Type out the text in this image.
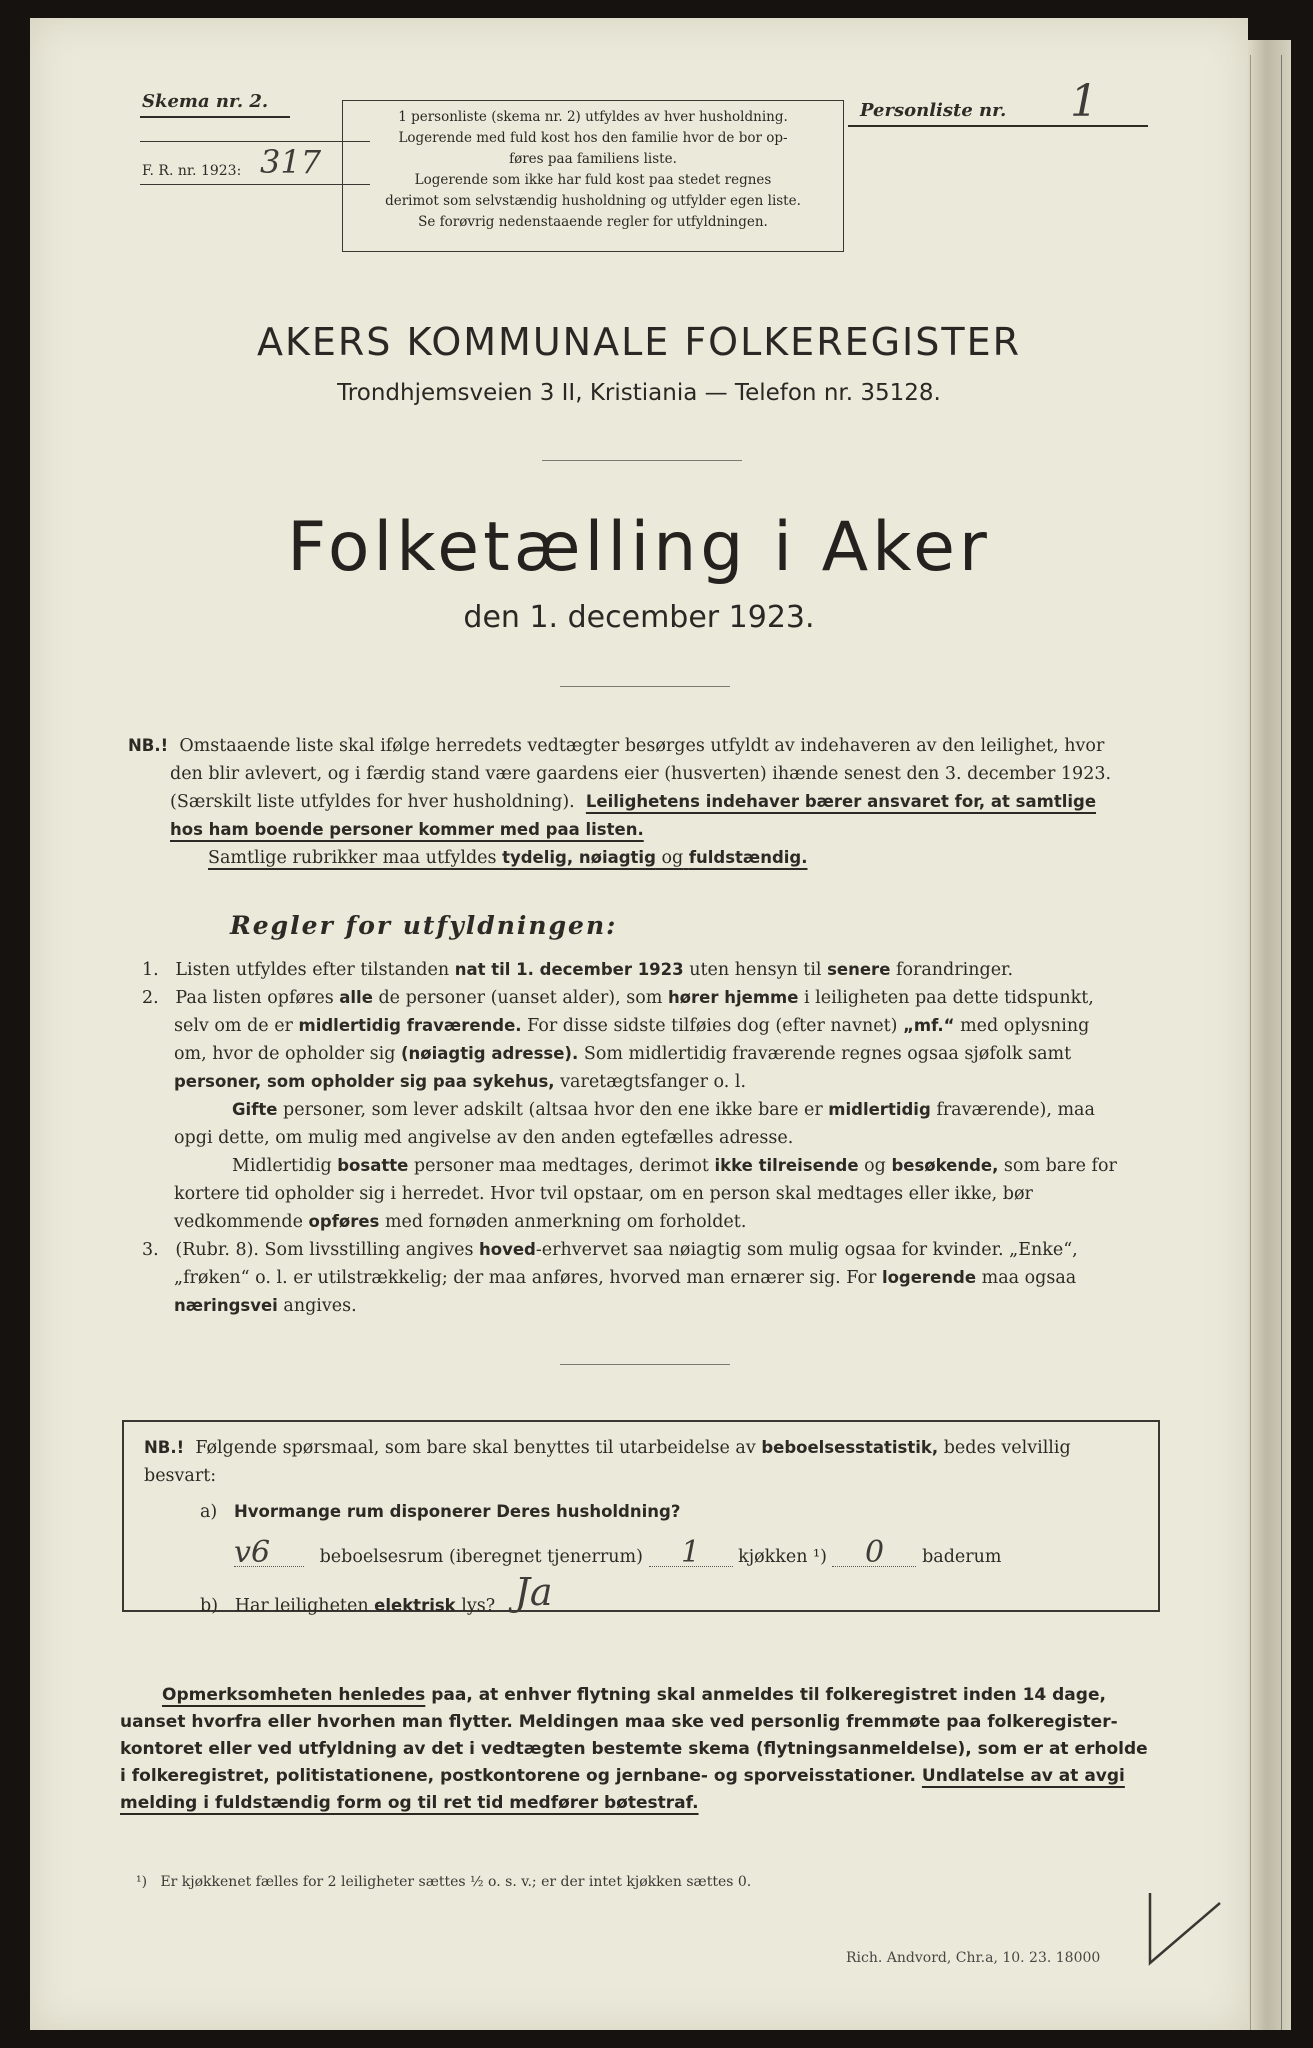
Skema nr. 2.
F. R. nr. 1923: 317
1 personliste (skema nr. 2) utfyldes av hver husholdning.
Logerende med fuld kost hos den familie hvor de bor op-
føres paa familiens liste.
Logerende som ikke har fuld kost paa stedet regnes
derimot som selvstændig husholdning og utfylder egen liste.
Se forøvrig nedenstaaende regler for utfyldningen.
Personliste nr. 1
AKERS KOMMUNALE FOLKEREGISTER
Trondhjemsveien 3 II, Kristiania — Telefon nr. 35128.
Folketælling i Aker
den 1. december 1923.
NB.! Omstaaende liste skal ifølge herredets vedtægter besørges utfyldt av indehaveren av den leilighet, hvor
den blir avlevert, og i færdig stand være gaardens eier (husverten) ihænde senest den 3. december 1923.
(Særskilt liste utfyldes for hver husholdning). Leilighetens indehaver bærer ansvaret for, at samtlige
hos ham boende personer kommer med paa listen.
Samtlige rubrikker maa utfyldes tydelig, nøiagtig og fuldstændig.
Regler for utfyldningen:
1. Listen utfyldes efter tilstanden nat til 1. december 1923 uten hensyn til senere forandringer.
2. Paa listen opføres alle de personer (uanset alder), som hører hjemme i leiligheten paa dette tidspunkt,
selv om de er midlertidig fraværende. For disse sidste tilføies dog (efter navnet) „mf.“ med oplysning
om, hvor de opholder sig (nøiagtig adresse). Som midlertidig fraværende regnes ogsaa sjøfolk samt
personer, som opholder sig paa sykehus, varetægtsfanger o. l.
Gifte personer, som lever adskilt (altsaa hvor den ene ikke bare er midlertidig fraværende), maa
opgi dette, om mulig med angivelse av den anden egtefælles adresse.
Midlertidig bosatte personer maa medtages, derimot ikke tilreisende og besøkende, som bare for
kortere tid opholder sig i herredet. Hvor tvil opstaar, om en person skal medtages eller ikke, bør
vedkommende opføres med fornøden anmerkning om forholdet.
3. (Rubr. 8). Som livsstilling angives hoved-erhvervet saa nøiagtig som mulig ogsaa for kvinder. „Enke“,
„frøken“ o. l. er utilstrækkelig; der maa anføres, hvorved man ernærer sig. For logerende maa ogsaa
næringsvei angives.
NB.! Følgende spørsmaal, som bare skal benyttes til utarbeidelse av beboelsesstatistik, bedes velvillig
besvart:
a) Hvormange rum disponerer Deres husholdning?
v6	beboelsesrum (iberegnet tjenerrum) 1 kjøkken ¹) 0 baderum
b) Har leiligheten elektrisk lys? Ja
Opmerksomheten henledes paa, at enhver flytning skal anmeldes til folkeregistret inden 14 dage,
uanset hvorfra eller hvorhen man flytter. Meldingen maa ske ved personlig fremmøte paa folkeregister-
kontoret eller ved utfyldning av det i vedtægten bestemte skema (flytningsanmeldelse), som er at erholde
i folkeregistret, politistationene, postkontorene og jernbane- og sporveisstationer. Undlatelse av at avgi
melding i fuldstændig form og til ret tid medfører bøtestraf.
¹) Er kjøkkenet fælles for 2 leiligheter sættes ½ o. s. v.; er der intet kjøkken sættes 0.
Rich. Andvord, Chr.a, 10. 23. 18000
